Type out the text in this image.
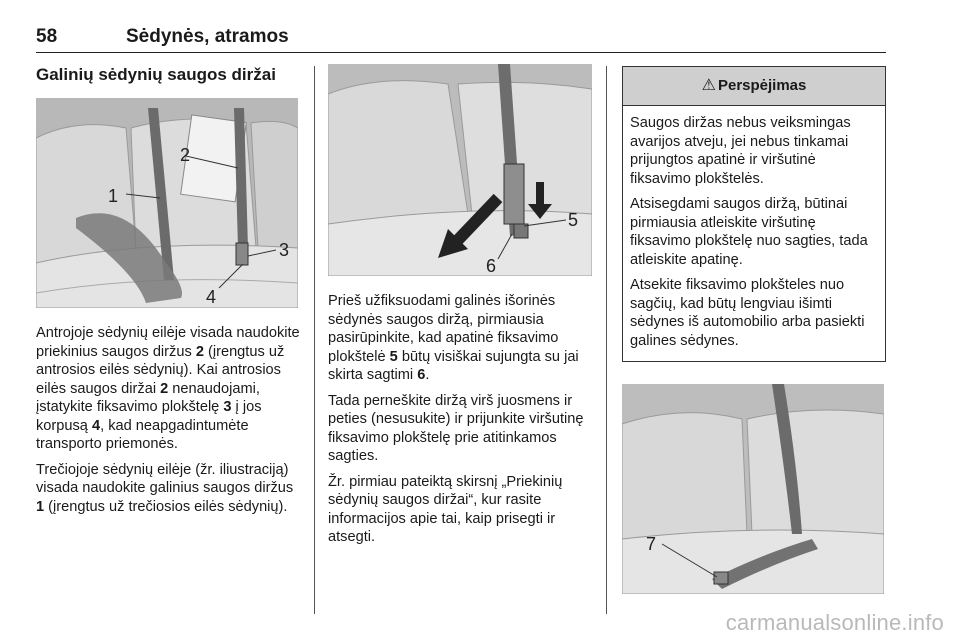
58	Sėdynės, atramos
Galinių sėdynių saugos diržai
2
1
3
4

Antrojoje sėdynių eilėje visada naudokite priekinius saugos diržus 2 (įrengtus už antrosios eilės sėdynių). Kai antrosios eilės saugos diržai 2 nenaudojami, įstatykite fiksavimo plokštelę 3 į jos korpusą 4, kad neapgadintumėte transporto priemonės.

Trečiojoje sėdynių eilėje (žr. iliustraciją) visada naudokite galinius saugos diržus 1 (įrengtus už trečiosios eilės sėdynių).

5
6

Prieš užfiksuodami galinės išorinės sėdynės saugos diržą, pirmiausia pasirūpinkite, kad apatinė fiksavimo plokštelė 5 būtų visiškai sujungta su jai skirta sagtimi 6.

Tada perneškite diržą virš juosmens ir peties (nesusukite) ir prijunkite viršutinę fiksavimo plokštelę prie atitinkamos sagties.

Žr. pirmiau pateiktą skirsnį „Priekinių sėdynių saugos diržai“, kur rasite informacijos apie tai, kaip prisegti ir atsegti.

⚠ Perspėjimas

Saugos diržas nebus veiksmingas avarijos atveju, jei nebus tinkamai prijungtos apatinė ir viršutinė fiksavimo plokštelės.

Atsisegdami saugos diržą, būtinai pirmiausia atleiskite viršutinę fiksavimo plokštelę nuo sagties, tada atleiskite apatinę.

Atsekite fiksavimo plokšteles nuo sagčių, kad būtų lengviau išimti sėdynes iš automobilio arba pasiekti galines sėdynes.

7
carmanualsonline.info
